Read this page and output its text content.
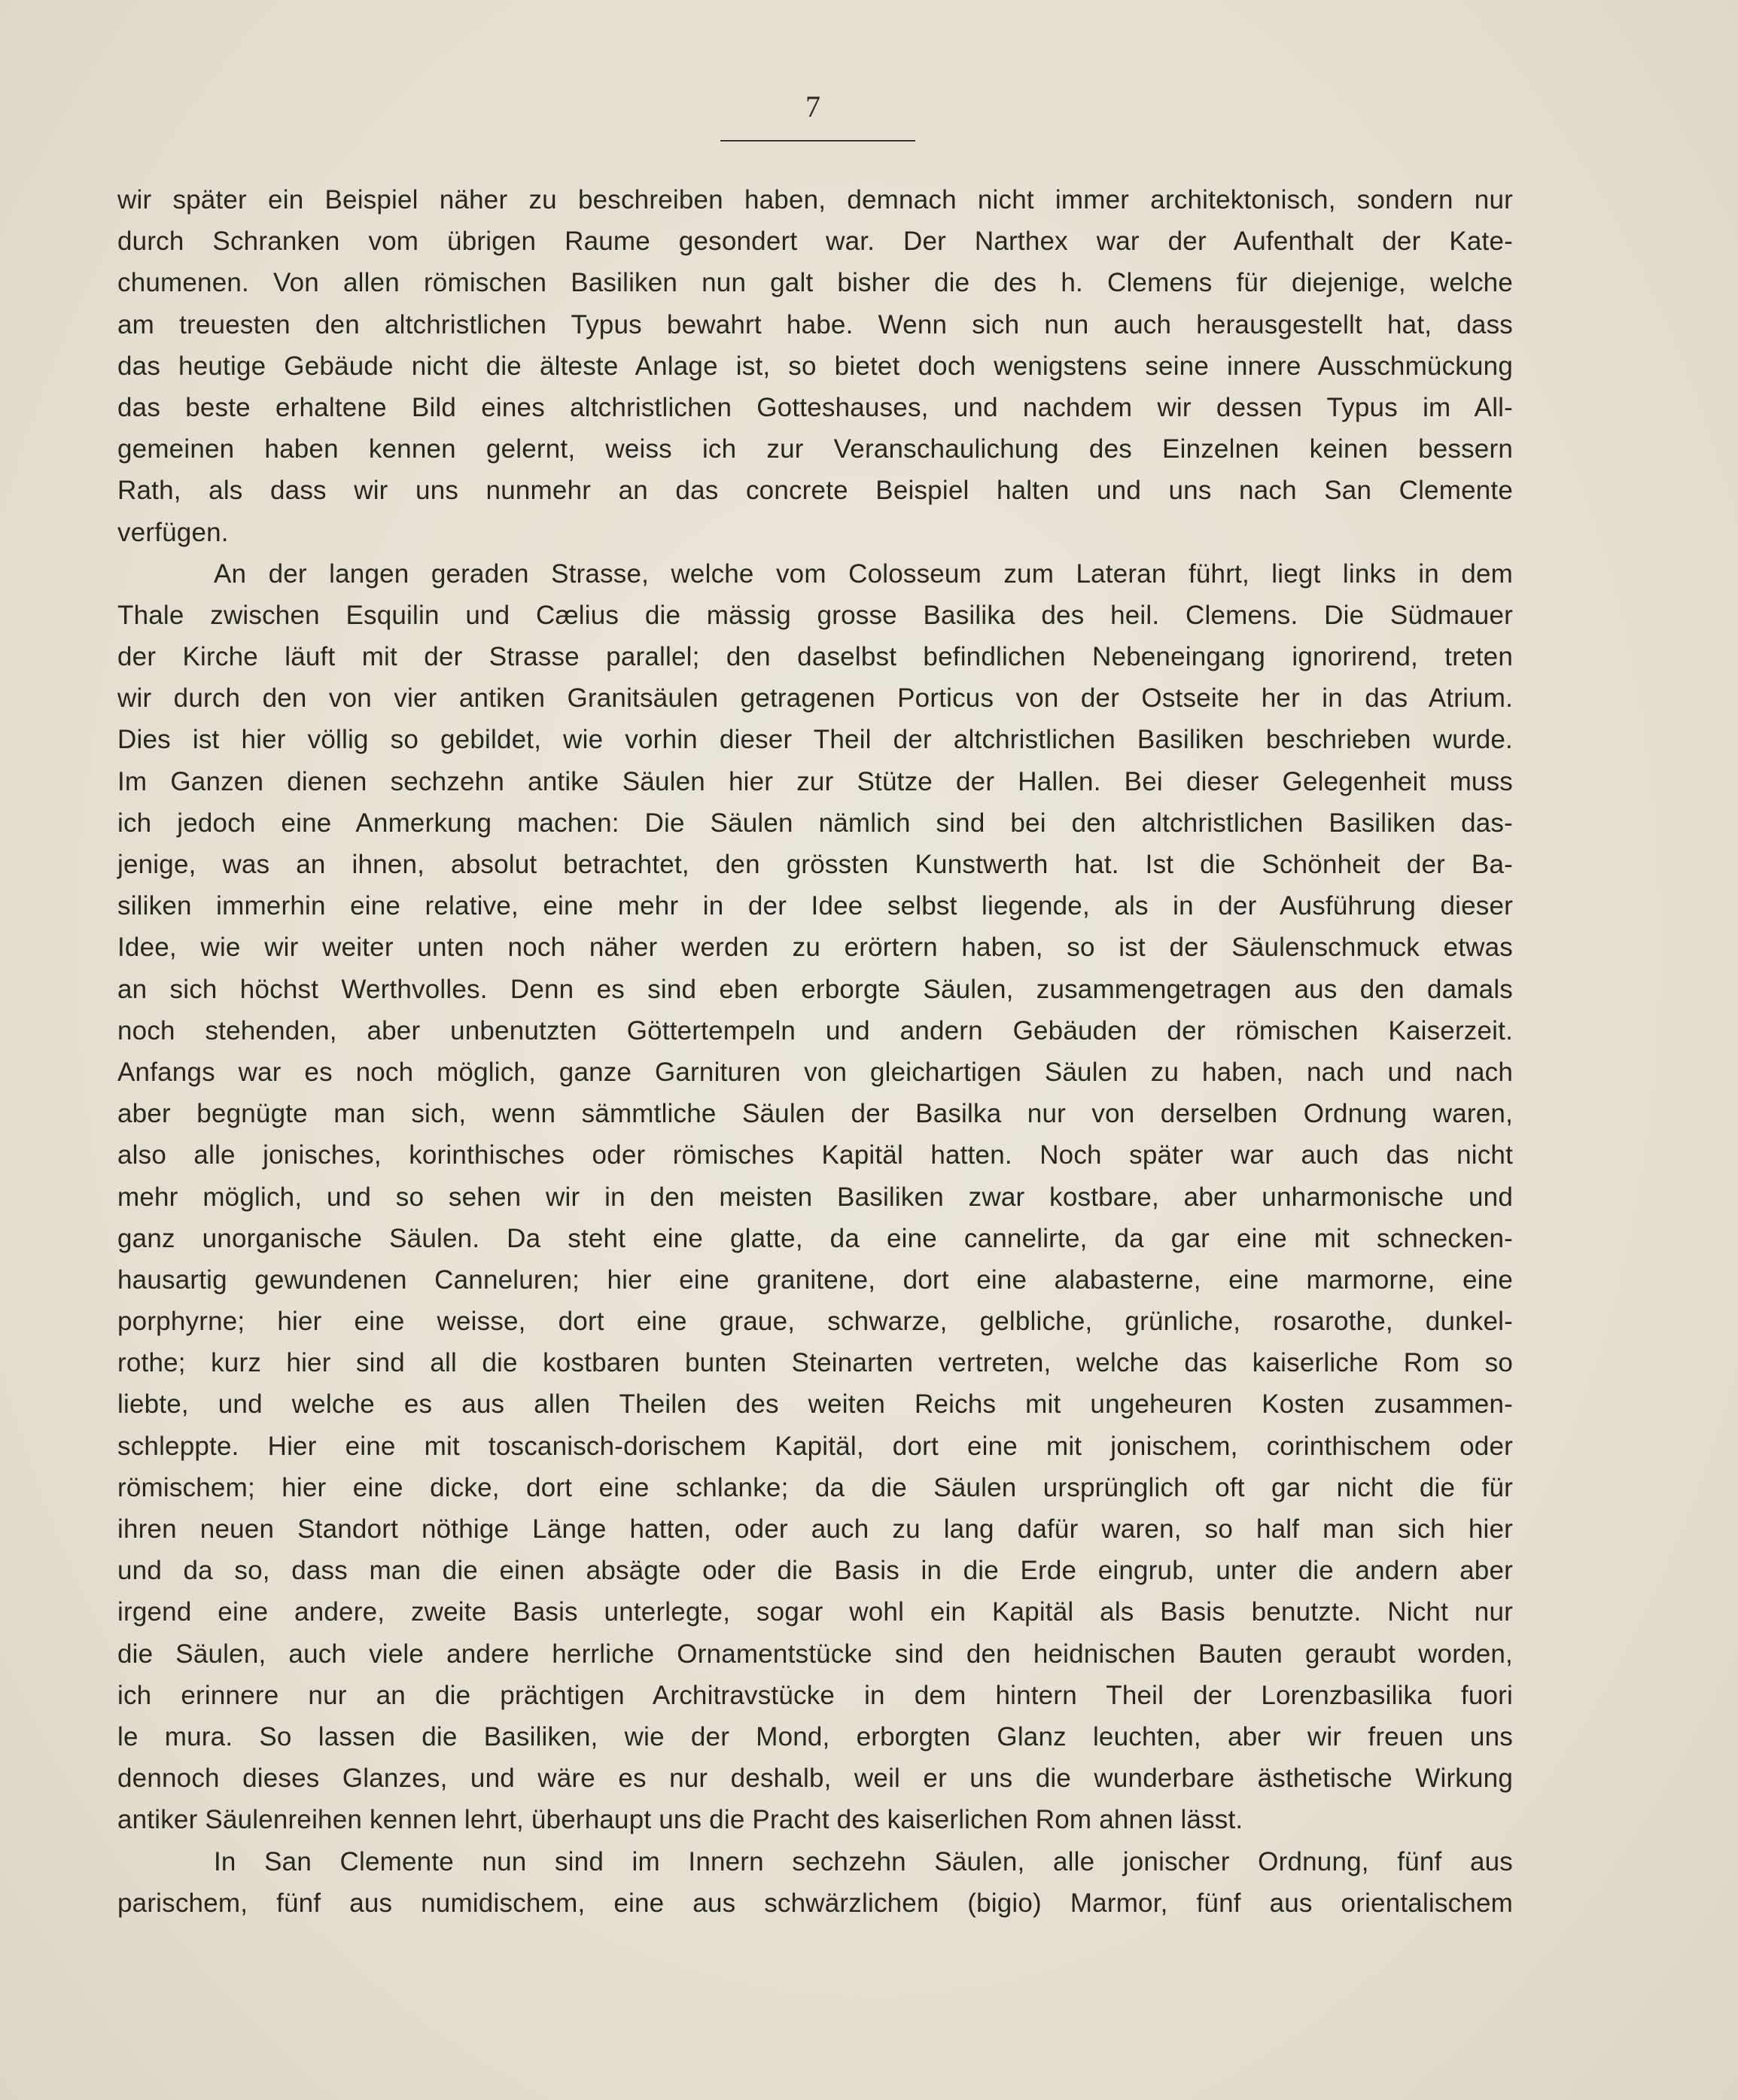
7
wir später ein Beispiel näher zu beschreiben haben, demnach nicht immer architektonisch, sondern nur
durch Schranken vom übrigen Raume gesondert war. Der Narthex war der Aufenthalt der Kate-
chumenen. Von allen römischen Basiliken nun galt bisher die des h. Clemens für diejenige, welche
am treuesten den altchristlichen Typus bewahrt habe. Wenn sich nun auch herausgestellt hat, dass
das heutige Gebäude nicht die älteste Anlage ist, so bietet doch wenigstens seine innere Ausschmückung
das beste erhaltene Bild eines altchristlichen Gotteshauses, und nachdem wir dessen Typus im All-
gemeinen haben kennen gelernt, weiss ich zur Veranschaulichung des Einzelnen keinen bessern
Rath, als dass wir uns nunmehr an das concrete Beispiel halten und uns nach San Clemente
verfügen.
An der langen geraden Strasse, welche vom Colosseum zum Lateran führt, liegt links in dem
Thale zwischen Esquilin und Cælius die mässig grosse Basilika des heil. Clemens. Die Südmauer
der Kirche läuft mit der Strasse parallel; den daselbst befindlichen Nebeneingang ignorirend, treten
wir durch den von vier antiken Granitsäulen getragenen Porticus von der Ostseite her in das Atrium.
Dies ist hier völlig so gebildet, wie vorhin dieser Theil der altchristlichen Basiliken beschrieben wurde.
Im Ganzen dienen sechzehn antike Säulen hier zur Stütze der Hallen. Bei dieser Gelegenheit muss
ich jedoch eine Anmerkung machen: Die Säulen nämlich sind bei den altchristlichen Basiliken das-
jenige, was an ihnen, absolut betrachtet, den grössten Kunstwerth hat. Ist die Schönheit der Ba-
siliken immerhin eine relative, eine mehr in der Idee selbst liegende, als in der Ausführung dieser
Idee, wie wir weiter unten noch näher werden zu erörtern haben, so ist der Säulenschmuck etwas
an sich höchst Werthvolles. Denn es sind eben erborgte Säulen, zusammengetragen aus den damals
noch stehenden, aber unbenutzten Göttertempeln und andern Gebäuden der römischen Kaiserzeit.
Anfangs war es noch möglich, ganze Garnituren von gleichartigen Säulen zu haben, nach und nach
aber begnügte man sich, wenn sämmtliche Säulen der Basilka nur von derselben Ordnung waren,
also alle jonisches, korinthisches oder römisches Kapitäl hatten. Noch später war auch das nicht
mehr möglich, und so sehen wir in den meisten Basiliken zwar kostbare, aber unharmonische und
ganz unorganische Säulen. Da steht eine glatte, da eine cannelirte, da gar eine mit schnecken-
hausartig gewundenen Canneluren; hier eine granitene, dort eine alabasterne, eine marmorne, eine
porphyrne; hier eine weisse, dort eine graue, schwarze, gelbliche, grünliche, rosarothe, dunkel-
rothe; kurz hier sind all die kostbaren bunten Steinarten vertreten, welche das kaiserliche Rom so
liebte, und welche es aus allen Theilen des weiten Reichs mit ungeheuren Kosten zusammen-
schleppte. Hier eine mit toscanisch-dorischem Kapitäl, dort eine mit jonischem, corinthischem oder
römischem; hier eine dicke, dort eine schlanke; da die Säulen ursprünglich oft gar nicht die für
ihren neuen Standort nöthige Länge hatten, oder auch zu lang dafür waren, so half man sich hier
und da so, dass man die einen absägte oder die Basis in die Erde eingrub, unter die andern aber
irgend eine andere, zweite Basis unterlegte, sogar wohl ein Kapitäl als Basis benutzte. Nicht nur
die Säulen, auch viele andere herrliche Ornamentstücke sind den heidnischen Bauten geraubt worden,
ich erinnere nur an die prächtigen Architravstücke in dem hintern Theil der Lorenzbasilika fuori
le mura. So lassen die Basiliken, wie der Mond, erborgten Glanz leuchten, aber wir freuen uns
dennoch dieses Glanzes, und wäre es nur deshalb, weil er uns die wunderbare ästhetische Wirkung
antiker Säulenreihen kennen lehrt, überhaupt uns die Pracht des kaiserlichen Rom ahnen lässt.
In San Clemente nun sind im Innern sechzehn Säulen, alle jonischer Ordnung, fünf aus
parischem, fünf aus numidischem, eine aus schwärzlichem (bigio) Marmor, fünf aus orientalischem
